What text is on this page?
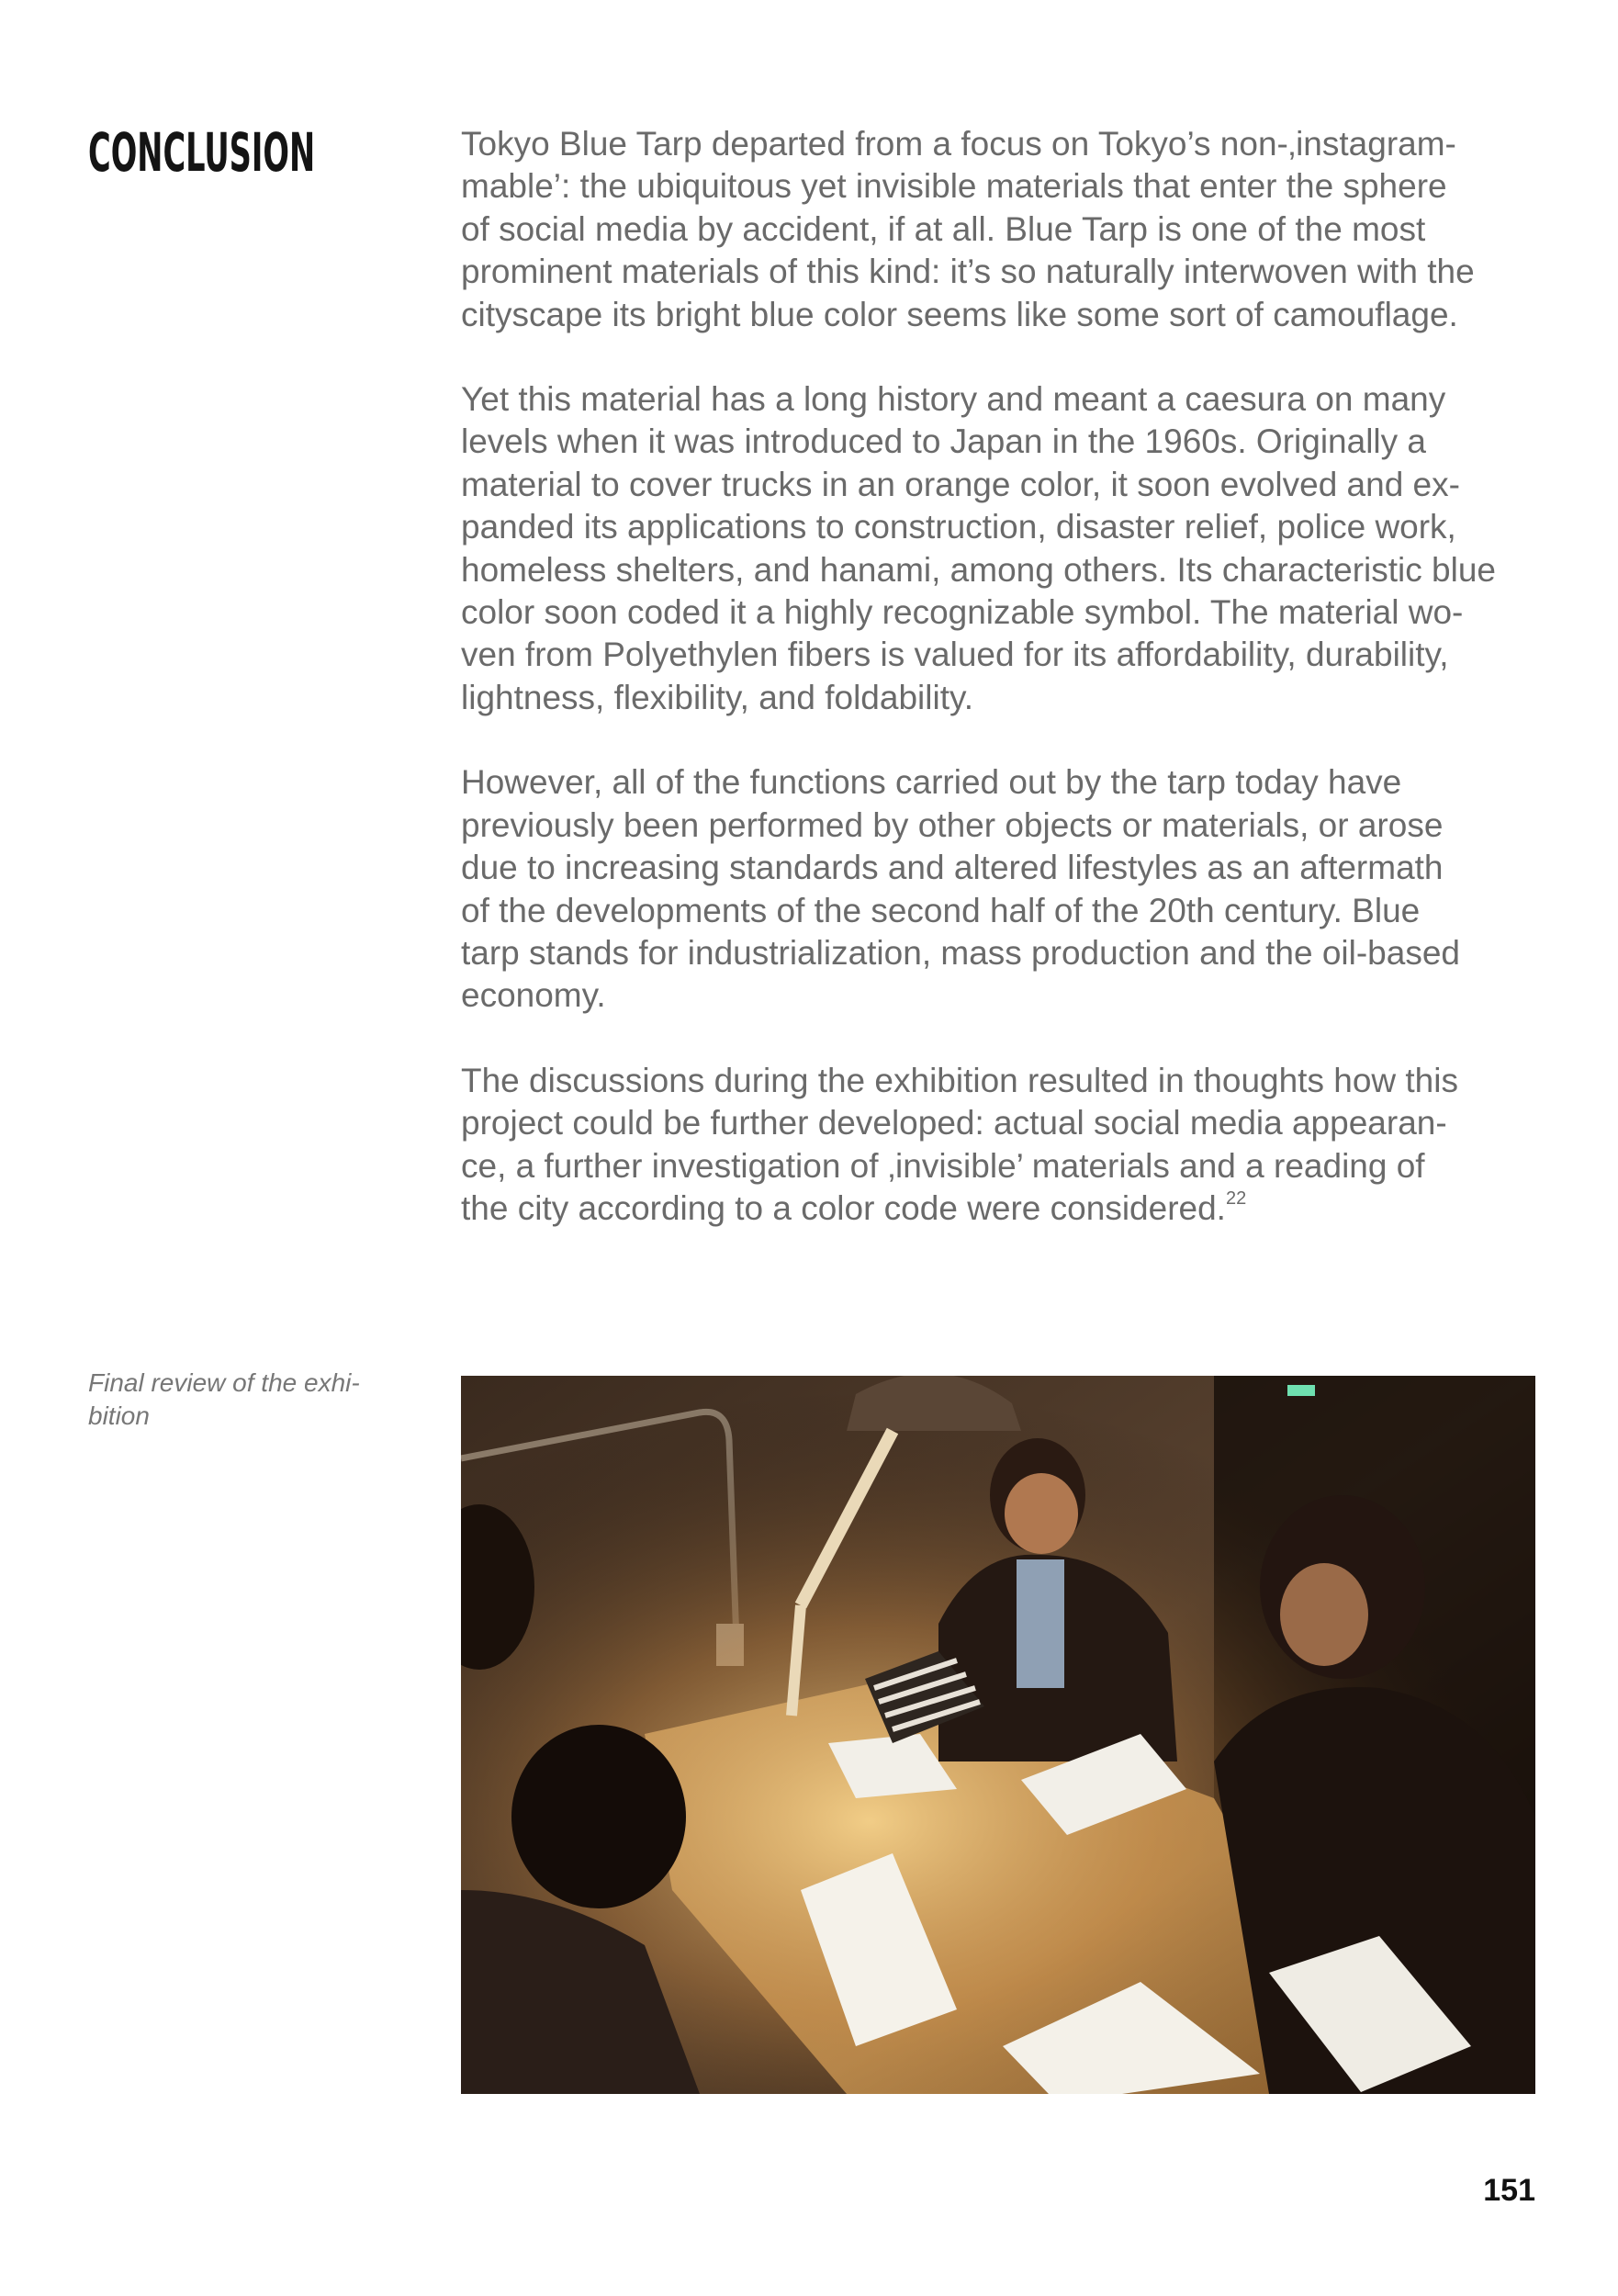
CONCLUSION	Tokyo Blue Tarp departed from a focus on Tokyo’s non-‚instagram-
mable’: the ubiquitous yet invisible materials that enter the sphere
of social media by accident, if at all. Blue Tarp is one of the most
prominent materials of this kind: it’s so naturally interwoven with the
cityscape its bright blue color seems like some sort of camouflage.

Yet this material has a long history and meant a caesura on many
levels when it was introduced to Japan in the 1960s. Originally a
material to cover trucks in an orange color, it soon evolved and ex-
panded its applications to construction, disaster relief, police work,
homeless shelters, and hanami, among others. Its characteristic blue
color soon coded it a highly recognizable symbol. The material wo-
ven from Polyethylen fibers is valued for its affordability, durability,
lightness, flexibility, and foldability.

However, all of the functions carried out by the tarp today have
previously been performed by other objects or materials, or arose
due to increasing standards and altered lifestyles as an aftermath
of the developments of the second half of the 20th century. Blue
tarp stands for industrialization, mass production and the oil-based
economy.

The discussions during the exhibition resulted in thoughts how this
project could be further developed: actual social media appearan-
ce, a further investigation of ‚invisible’ materials and a reading of
the city according to a color code were considered.$^{22}$

Final review of the exhi-
bition
151
